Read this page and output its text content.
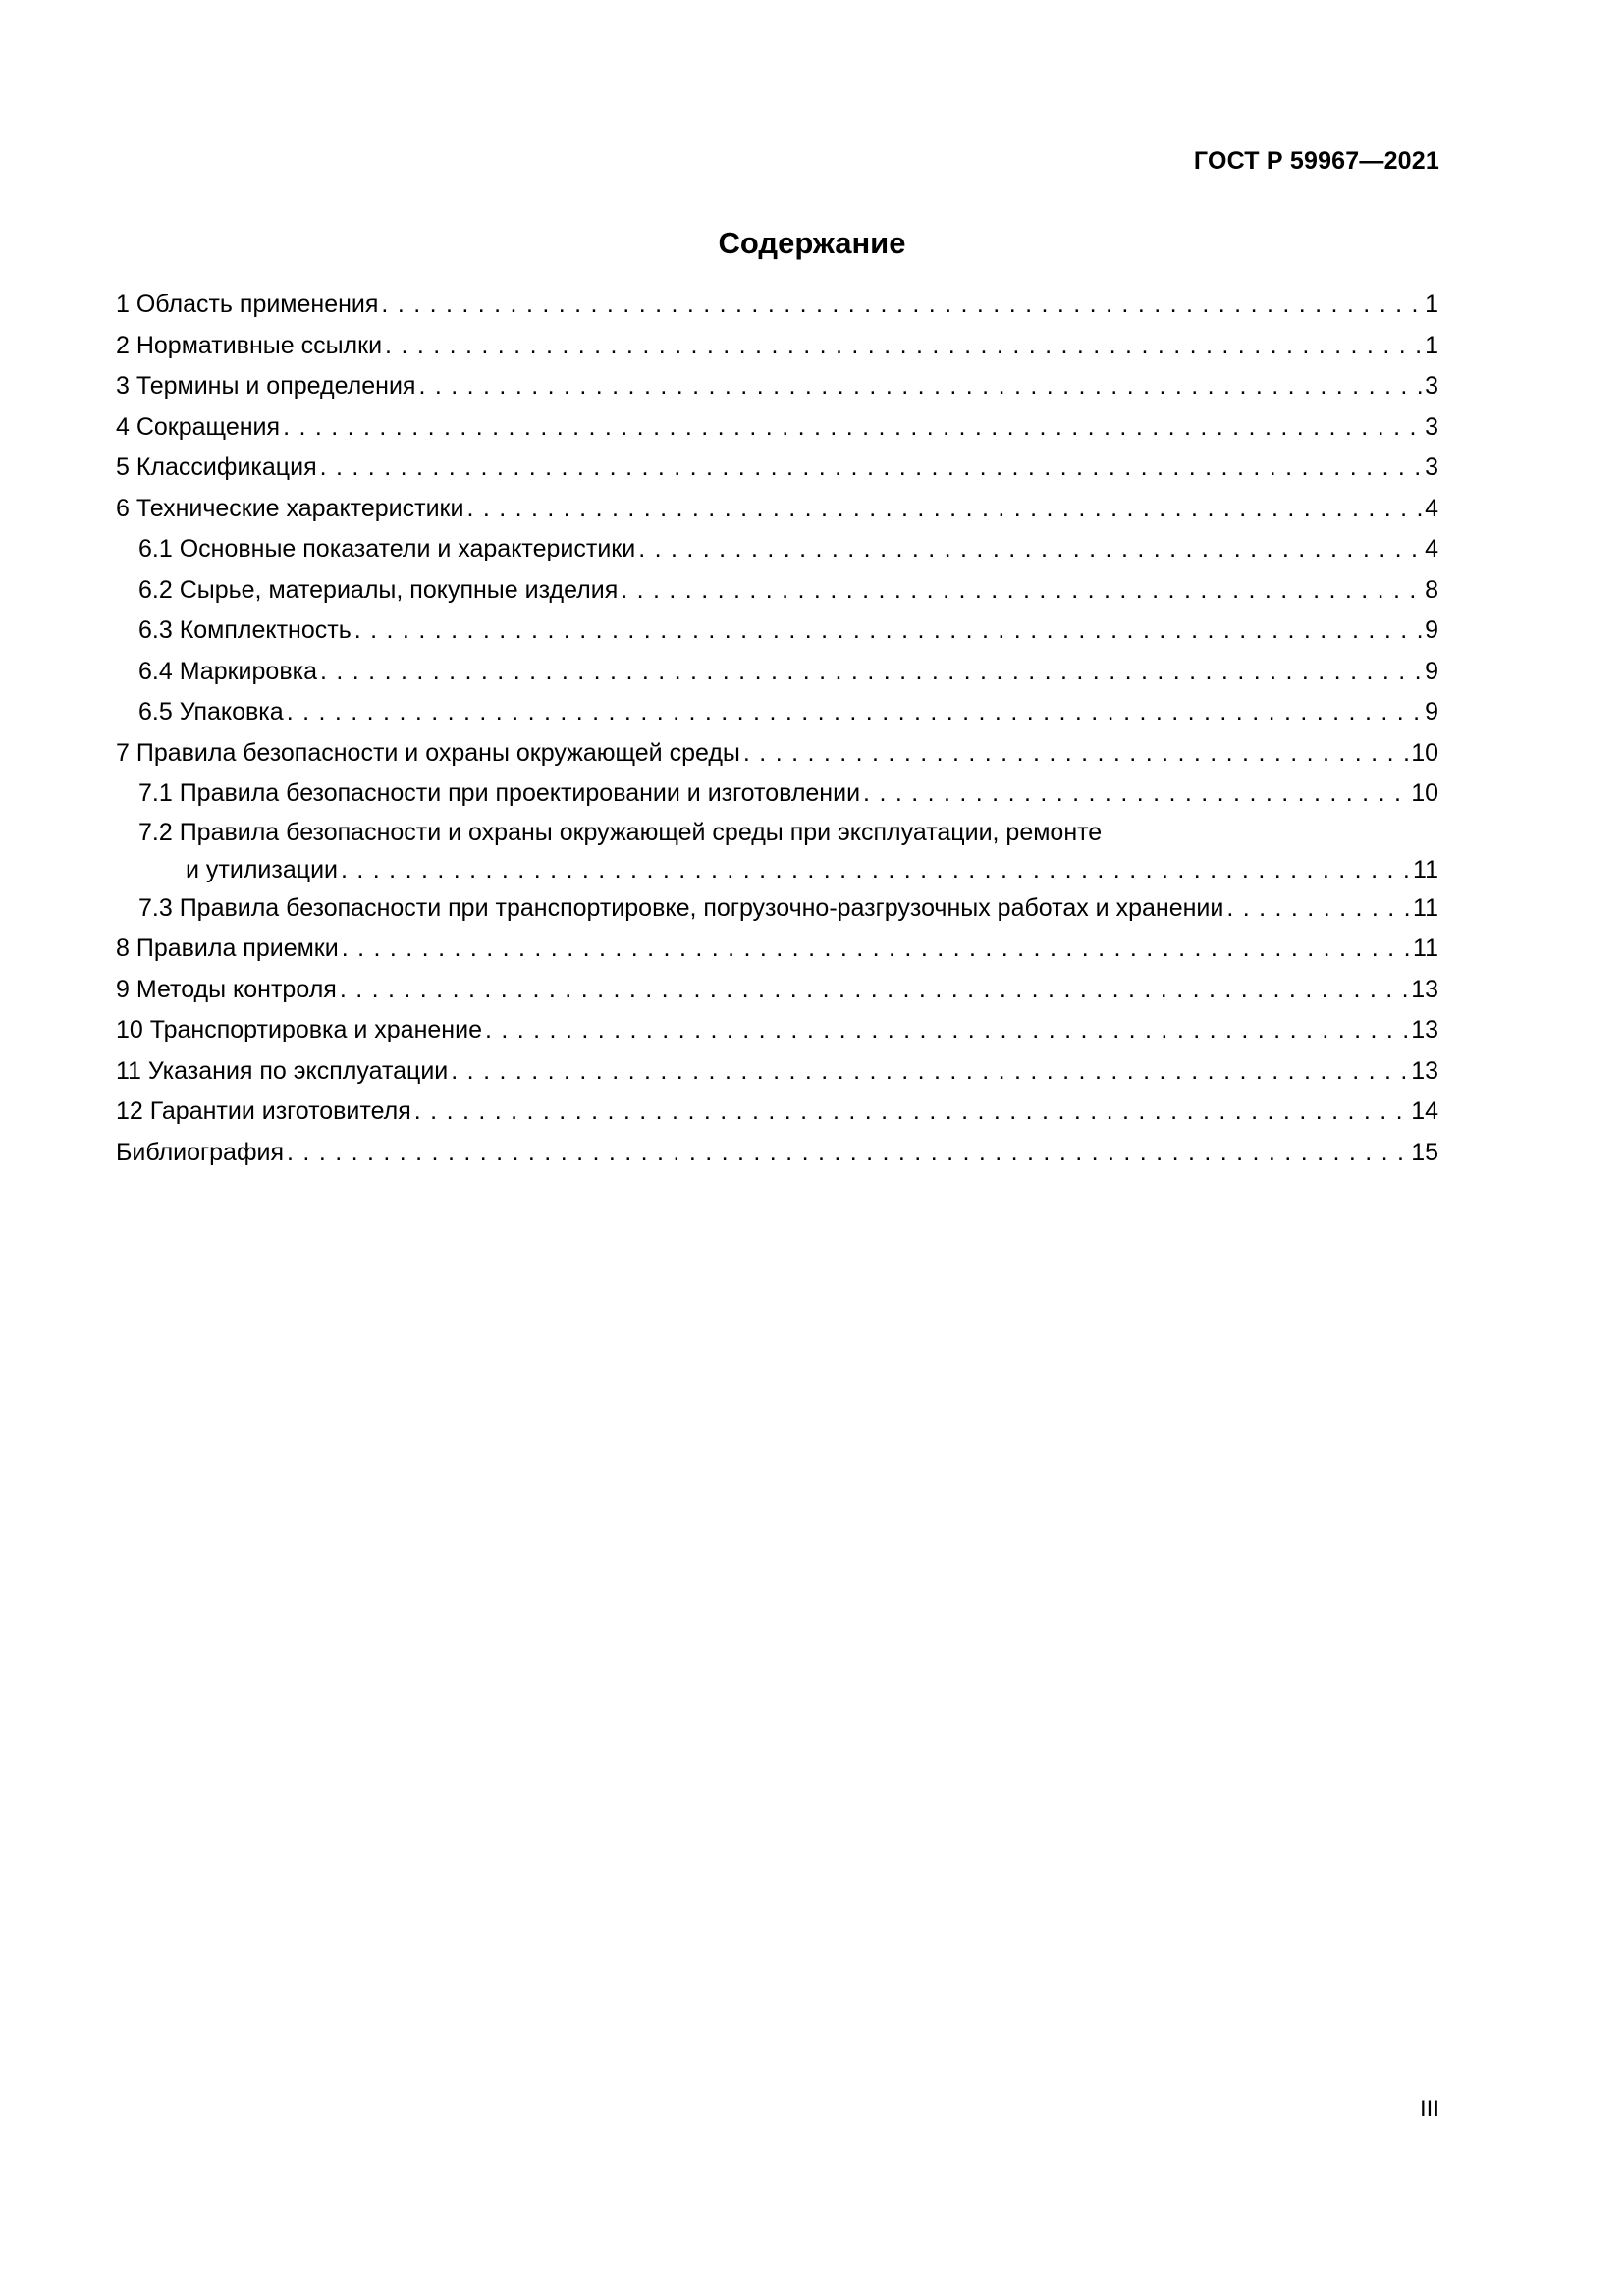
ГОСТ Р 59967—2021
Содержание
1 Область применения . . .	1
2 Нормативные ссылки . . .	1
3 Термины и определения . . .	3
4 Сокращения . . .	3
5 Классификация . . .	3
6 Технические характеристики . . .	4
6.1 Основные показатели и характеристики . . .	4
6.2 Сырье, материалы, покупные изделия . . .	8
6.3 Комплектность . . .	9
6.4 Маркировка . . .	9
6.5 Упаковка . . .	9
7 Правила безопасности и охраны окружающей среды . . .	10
7.1 Правила безопасности при проектировании и изготовлении . . .	10
7.2 Правила безопасности и охраны окружающей среды при эксплуатации, ремонте
и утилизации . . .	11
7.3 Правила безопасности при транспортировке, погрузочно-разгрузочных работах и хранении . . .	11
8 Правила приемки . . .	11
9 Методы контроля . . .	13
10 Транспортировка и хранение . . .	13
11 Указания по эксплуатации . . .	13
12 Гарантии изготовителя . . .	14
Библиография . . .	15
III
